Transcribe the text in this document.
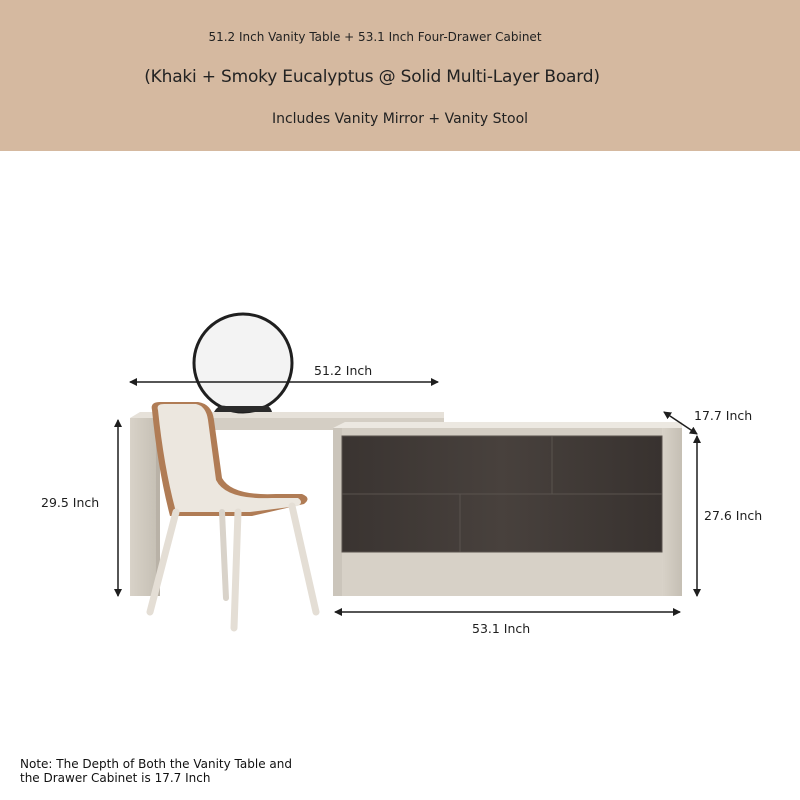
51.2 Inch Vanity Table + 53.1 Inch Four-Drawer Cabinet
(Khaki + Smoky Eucalyptus @ Solid Multi-Layer Board)
Includes Vanity Mirror + Vanity Stool
51.2 Inch
29.5 Inch
17.7 Inch
27.6 Inch
53.1 Inch
Note: The Depth of Both the Vanity Table and
the Drawer Cabinet is 17.7 Inch
